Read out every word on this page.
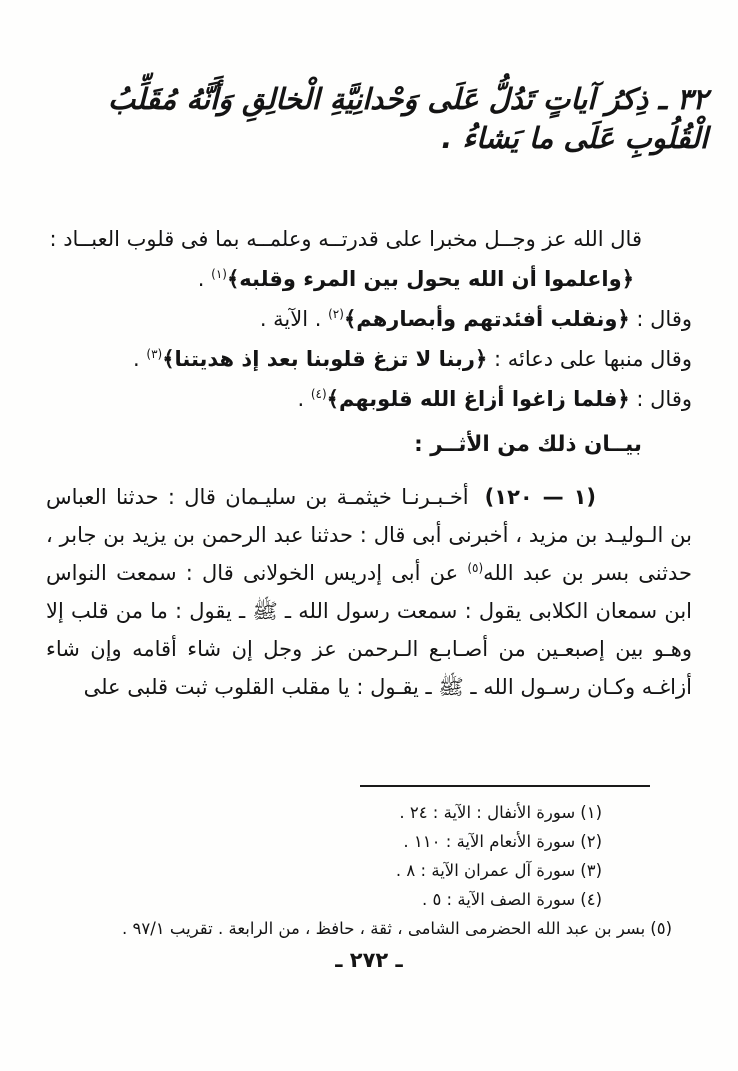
٣٢ ـ ذِكرُ آياتٍ تَدُلُّ عَلَى وَحْدانِيَّةِ الْخالِقِ وَأَنَّهُ مُقَلِّبُ الْقُلُوبِ عَلَى ما يَشاءُ .

قال الله عز وجــل مخبرا على قدرتــه وعلمــه بما فى قلوب العبــاد :

﴿واعلموا أن الله يحول بين المرء وقلبه﴾$^{(١)}$ .

وقال : ﴿ونقلب أفئدتهم وأبصارهم﴾$^{(٢)}$ . الآية .

وقال منبها على دعائه : ﴿ربنا لا تزغ قلوبنا بعد إذ هديتنا﴾$^{(٣)}$ .

وقال : ﴿فلما زاغوا أزاغ الله قلوبهم﴾$^{(٤)}$ .

بيــان ذلك من الأثــر :

(١ — ١٢٠)أخـبـرنـا خيثمـة بن سليـمان قال : حدثنا العباس بن الـوليـد بن مزيد ، أخبرنى أبى قال : حدثنا عبد الرحمن بن يزيد بن جابر ، حدثنى بسر بن عبد الله$^{(٥)}$ عن أبى إدريس الخولانى قال : سمعت النواس ابن سمعان الكلابى يقول : سمعت رسول الله ـ ﷺ ـ يقول : ما من قلب إلا وهـو بين إصبعـين من أصـابـع الـرحمن عز وجل إن شاء أقامه وإن شاء أزاغـه وكـان رسـول الله ـ ﷺ ـ يقـول : يا مقلب القلوب ثبت قلبى على

(١)سورة الأنفال : الآية : ٢٤ .
(٢)سورة الأنعام الآية : ١١٠ .
(٣)سورة آل عمران الآية : ٨ .
(٤)سورة الصف الآية : ٥ .
(٥)بسر بن عبد الله الحضرمى الشامى ، ثقة ، حافظ ، من الرابعة . تقريب ٩٧/١ .
ـ ٢٧٢ ـ
